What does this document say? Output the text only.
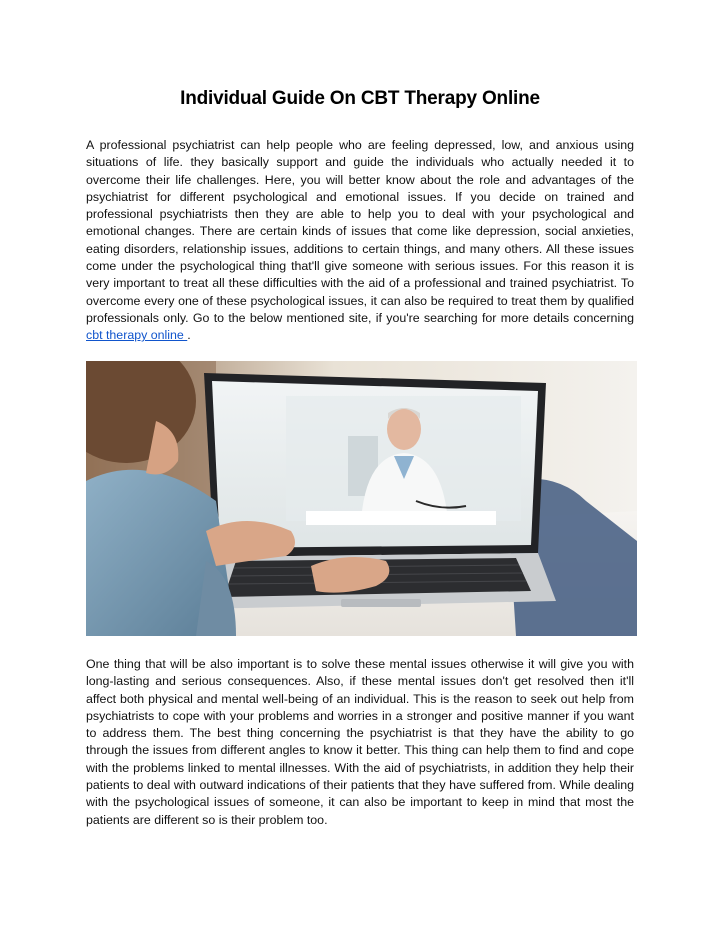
Individual Guide On CBT Therapy Online

A professional psychiatrist can help people who are feeling depressed, low, and anxious using situations of life. they basically support and guide the individuals who actually needed it to overcome their life challenges. Here, you will better know about the role and advantages of the psychiatrist for different psychological and emotional issues. If you decide on trained and professional psychiatrists then they are able to help you to deal with your psychological and emotional changes. There are certain kinds of issues that come like depression, social anxieties, eating disorders, relationship issues, additions to certain things, and many others. All these issues come under the psychological thing that'll give someone with serious issues. For this reason it is very important to treat all these difficulties with the aid of a professional and trained psychiatrist. To overcome every one of these psychological issues, it can also be required to treat them by qualified professionals only. Go to the below mentioned site, if you're searching for more details concerning cbt therapy online .

One thing that will be also important is to solve these mental issues otherwise it will give you with long-lasting and serious consequences. Also, if these mental issues don't get resolved then it'll affect both physical and mental well-being of an individual. This is the reason to seek out help from psychiatrists to cope with your problems and worries in a stronger and positive manner if you want to address them. The best thing concerning the psychiatrist is that they have the ability to go through the issues from different angles to know it better. This thing can help them to find and cope with the problems linked to mental illnesses. With the aid of psychiatrists, in addition they help their patients to deal with outward indications of their patients that they have suffered from. While dealing with the psychological issues of someone, it can also be important to keep in mind that most the patients are different so is their problem too.
